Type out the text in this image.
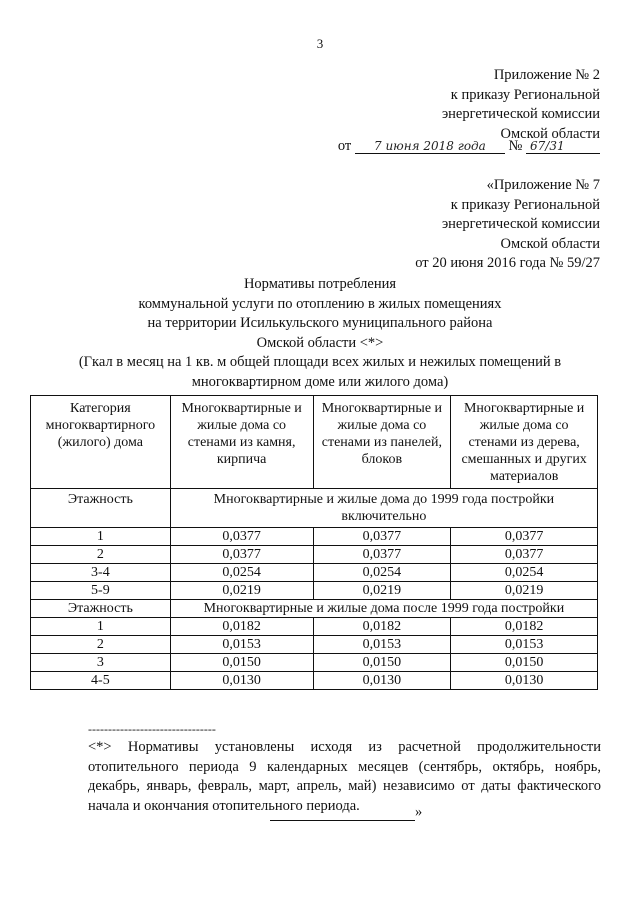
3
Приложение № 2
к приказу Региональной
энергетической комиссии
Омской области
от 7 июня 2018 года № 67/31
«Приложение № 7
к приказу Региональной
энергетической комиссии
Омской области
от 20 июня 2016 года № 59/27
Нормативы потребления
коммунальной услуги по отоплению в жилых помещениях
на территории Исилькульского муниципального района
Омской области <*>
(Гкал в месяц на 1 кв. м общей площади всех жилых и нежилых помещений в
многоквартирном доме или жилого дома)
Категория многоквартирного (жилого) дома	Многоквартирные и жилые дома со стенами из камня, кирпича	Многоквартирные и жилые дома со стенами из панелей, блоков	Многоквартирные и жилые дома со стенами из дерева, смешанных и других материалов
Этажность	Многоквартирные и жилые дома до 1999 года постройки включительно		
1	0,0377	0,0377	0,0377
2	0,0377	0,0377	0,0377
3-4	0,0254	0,0254	0,0254
5-9	0,0219	0,0219	0,0219
Этажность	Многоквартирные и жилые дома после 1999 года постройки		
1	0,0182	0,0182	0,0182
2	0,0153	0,0153	0,0153
3	0,0150	0,0150	0,0150
4-5	0,0130	0,0130	0,0130
--------------------------------
<*> Нормативы установлены исходя из расчетной продолжительности отопительного периода 9 календарных месяцев (сентябрь, октябрь, ноябрь, декабрь, январь, февраль, март, апрель, май) независимо от даты фактического начала и окончания отопительного периода.	»
